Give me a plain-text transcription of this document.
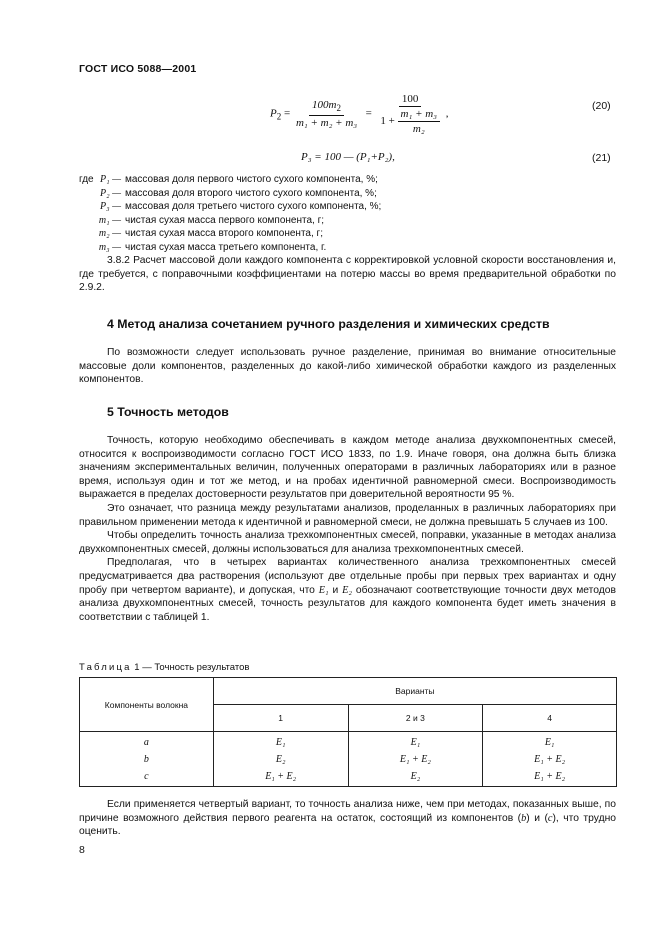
ГОСТ ИСО 5088—2001
$P_2 = \frac{100m_2}{\text{m₁ + m₂ + m₃}} = \frac{100}{1 + \frac{\text{m₁ + m₃}}{\text{m₂}}}$ ,
(20)
P₃ = 100 — (P₁+P₂),	(21)
где P₁ — массовая доля первого чистого сухого компонента, %;
P₂ — массовая доля второго чистого сухого компонента, %;
P₃ — массовая доля третьего чистого сухого компонента, %;
m₁ — чистая сухая масса первого компонента, г;
m₂ — чистая сухая масса второго компонента, г;
m₃ — чистая сухая масса третьего компонента, г.

3.8.2 Расчет массовой доли каждого компонента с корректировкой условной скорости восстановления и, где требуется, с поправочными коэффициентами на потерю массы во время предварительной обработки по 2.9.2.

4 Метод анализа сочетанием ручного разделения и химических средств

По возможности следует использовать ручное разделение, принимая во внимание относительные массовые доли компонентов, разделенных до какой-либо химической обработки каждого из разделенных компонентов.

5 Точность методов

Точность, которую необходимо обеспечивать в каждом методе анализа двухкомпонентных смесей, относится к воспроизводимости согласно ГОСТ ИСО 1833, по 1.9. Иначе говоря, она должна быть близка значениям экспериментальных величин, полученных операторами в различных лабораториях или в разное время, используя один и тот же метод, и на пробах идентичной равномерной смеси. Воспроизводимость выражается в пределах достоверности результатов при доверительной вероятности 95 %.

Это означает, что разница между результатами анализов, проделанных в различных лабораториях при правильном применении метода к идентичной и равномерной смеси, не должна превышать 5 случаев из 100.

Чтобы определить точность анализа трехкомпонентных смесей, поправки, указанные в методах анализа двухкомпонентных смесей, должны использоваться для анализа трехкомпонентных смесей.

Предполагая, что в четырех вариантах количественного анализа трехкомпонентных смесей предусматривается два растворения (используют две отдельные пробы при первых трех вариантах и одну пробу при четвертом варианте), и допуская, что E₁ и E₂ обозначают соответствующие точности двух методов анализа двухкомпонентных смесей, точность результатов для каждого компонента будет иметь значения в соответствии с таблицей 1.

Таблица 1 — Точность результатов
Компоненты волокна	Варианты		
	1	2 и 3	4
a	E₁	E₁	E₁
b	E₂	E₁ + E₂	E₁ + E₂
c	E₁ + E₂	E₂	E₁ + E₂

Если применяется четвертый вариант, то точность анализа ниже, чем при методах, показанных выше, по причине возможного действия первого реагента на остаток, состоящий из компонентов (b) и (c), что трудно оценить.

8
